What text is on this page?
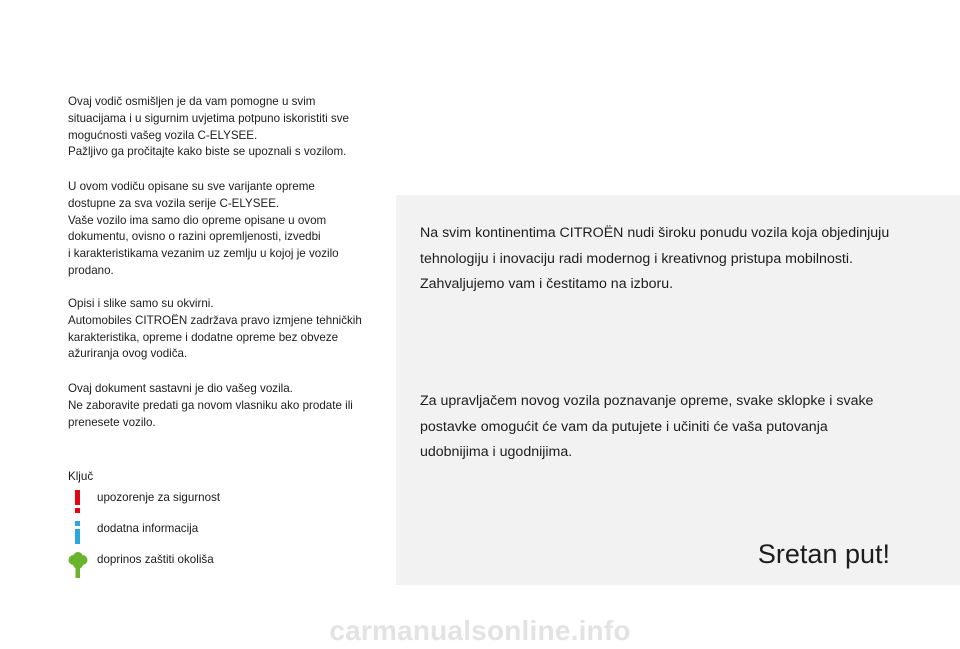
Ovaj vodič osmišljen je da vam pomogne u svim
situacijama i u sigurnim uvjetima potpuno iskoristiti sve
mogućnosti vašeg vozila C-ELYSEE.
Pažljivo ga pročitajte kako biste se upoznali s vozilom.
U ovom vodiču opisane su sve varijante opreme
dostupne za sva vozila serije C-ELYSEE.
Vaše vozilo ima samo dio opreme opisane u ovom
dokumentu, ovisno o razini opremljenosti, izvedbi
i karakteristikama vezanim uz zemlju u kojoj je vozilo
prodano.
Opisi i slike samo su okvirni.
Automobiles CITROËN zadržava pravo izmjene tehničkih
karakteristika, opreme i dodatne opreme bez obveze
ažuriranja ovog vodiča.
Ovaj dokument sastavni je dio vašeg vozila.
Ne zaboravite predati ga novom vlasniku ako prodate ili
prenesete vozilo.
Ključ
upozorenje za sigurnost
dodatna informacija
doprinos zaštiti okoliša
Na svim kontinentima CITROËN nudi široku ponudu vozila koja objedinjuju
tehnologiju i inovaciju radi modernog i kreativnog pristupa mobilnosti.
Zahvaljujemo vam i čestitamo na izboru.
Za upravljačem novog vozila poznavanje opreme, svake sklopke i svake
postavke omogućit će vam da putujete i učiniti će vaša putovanja
udobnijima i ugodnijima.
Sretan put!
carmanualsonline.info
